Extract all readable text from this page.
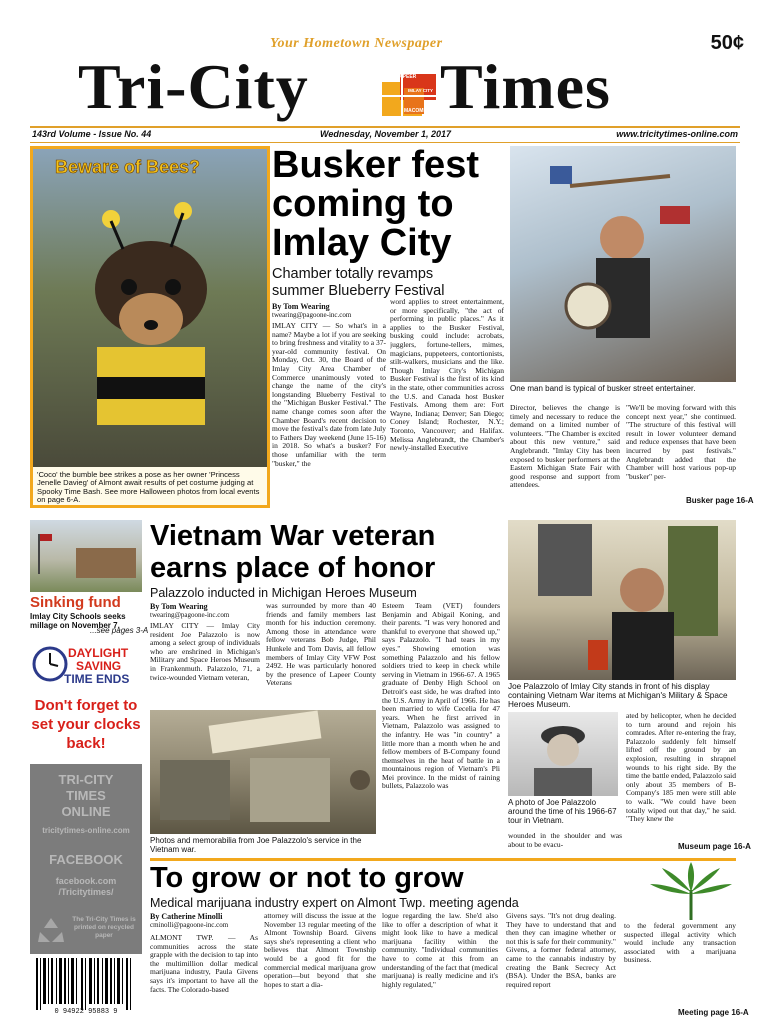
Your Hometown Newspaper	50¢
Tri-City	LAPEER
IMLAY CITY
MACOMB Times
143rd Volume - Issue No. 44	Wednesday, November 1, 2017	www.tricitytimes-online.com
Beware of Bees?
'Coco' the bumble bee strikes a pose as her owner 'Princess Jenelle Davieg' of Almont await results of pet costume judging at Spooky Time Bash. See more Halloween photos from local events on page 6-A.
Busker fest
coming to
Imlay City
Chamber totally revamps
summer Blueberry Festival
By Tom Wearing
twearing@pagoone-inc.com
IMLAY CITY — So what's in a name? Maybe a lot if you are seeking to bring freshness and vitality to a 37-year-old community festival. On Monday, Oct. 30, the Board of the Imlay City Area Chamber of Commerce unanimously voted to change the name of the city's longstanding Blueberry Festival to the "Michigan Busker Festival." The name change comes soon after the Chamber Board's recent decision to move the festival's date from late July to Fathers Day weekend (June 15-16) in 2018. So what's a busker? For those unfamiliar with the term "busker," the
word applies to street entertainment, or more specifically, "the act of performing in public places." As it applies to the Busker Festival, busking could include: acrobats, jugglers, fortune-tellers, mimes, magicians, puppeteers, contortionists, stilt-walkers, musicians and the like. Though Imlay City's Michigan Busker Festival is the first of its kind in the state, other communities across the U.S. and Canada host Busker Festivals. Among them are: Fort Wayne, Indiana; Denver; San Diego; Coney Island; Rochester, N.Y.; Toronto, Vancouver; and Halifax. Melissa Anglebrandt, the Chamber's newly-installed Executive
One man band is typical of busker street entertainer.
Director, believes the change is timely and necessary to reduce the demand on a limited number of volunteers. "The Chamber is excited about this new venture," said Anglebrandt. "Imlay City has been exposed to busker performers at the Eastern Michigan State Fair with good response and support from attendees.
"We'll be moving forward with this concept next year," she continued. "The structure of this festival will result in lower volunteer demand and reduce expenses that have been incurred by past festivals." Anglebrandt added that the Chamber will host various pop-up "busker" per-
Busker page 16-A
Sinking fund
Imlay City Schools seeks millage on November 7,
...see pages 3-A
DAYLIGHT
SAVING
TIME ENDS
Don't forget to set your clocks back!
TRI-CITY
TIMES
ONLINE
tricitytimes-online.com
FACEBOOK
facebook.com /Tricitytimes/
The Tri-City Times is printed on recycled paper
0 94922 95883 9
Vietnam War veteran
earns place of honor
Palazzolo inducted in Michigan Heroes Museum
By Tom Wearing
twearing@pagoone-inc.com
IMLAY CITY — Imlay City resident Joe Palazzolo is now among a select group of individuals who are enshrined in Michigan's Military and Space Heroes Museum in Frankenmuth. Palazzolo, 71, a twice-wounded Vietnam veteran,
was surrounded by more than 40 friends and family members last month for his induction ceremony. Among those in attendance were fellow veterans Bob Judge, Phil Hunkele and Tom Davis, all fellow members of Imlay City VFW Post 2492. He was particularly honored by the presence of Lapeer County Veterans
Esteem Team (VET) founders Benjamin and Abigail Koning, and their parents. "I was very honored and thankful to everyone that showed up," says Palazzolo. "I had tears in my eyes." Showing emotion was something Palazzolo and his fellow soldiers tried to keep in check while serving in Vietnam in 1966-67. A 1965 graduate of Denby High School on Detroit's east side, he was drafted into the U.S. Army in April of 1966. He has been married to wife Cecelia for 47 years. When he first arrived in Vietnam, Palazzolo was assigned to the infantry. He was "in country" a little more than a month when he and fellow members of B-Company found themselves in the heat of battle in a mountainous region of Vietnam's Pli Mei province. In the midst of raining bullets, Palazzolo was
Photos and memorabilia from Joe Palazzolo's service in the Vietnam war.
Joe Palazzolo of Imlay City stands in front of his display containing Vietnam War items at Michigan's Military & Space Heroes Museum.
A photo of Joe Palazzolo around the time of his 1966-67 tour in Vietnam.
wounded in the shoulder and was about to be evacu-
ated by helicopter, when he decided to turn around and rejoin his comrades. After re-entering the fray, Palazzolo suddenly felt himself lifted off the ground by an explosion, resulting in shrapnel wounds to his right side. By the time the battle ended, Palazzolo said only about 35 members of B-Company's 185 men were still able to walk. "We could have been totally wiped out that day," he said. "They knew the
Museum page 16-A
To grow or not to grow
Medical marijuana industry expert on Almont Twp. meeting agenda
By Catherine Minolli
cminolli@pagoone-inc.com
ALMONT TWP. — As communities across the state grapple with the decision to tap into the multimillion dollar medical marijuana industry, Paula Givens says it's important to have all the facts. The Colorado-based
attorney will discuss the issue at the November 13 regular meeting of the Almont Township Board. Givens says she's representing a client who believes that Almont Township would be a good fit for the commercial medical marijuana grow operation—but beyond that she hopes to start a dia-
logue regarding the law. She'd also like to offer a description of what it might look like to have a medical marijuana facility within the community. "Individual communities have to come at this from an understanding of the fact that (medical marijuana) is really medicine and it's highly regulated,"
Givens says. "It's not drug dealing. They have to understand that and then they can imagine whether or not this is safe for their community." Givens, a former federal attorney, came to the cannabis industry by creating the Bank Secrecy Act (BSA). Under the BSA, banks are required report
to the federal government any suspected illegal activity which would include any transaction associated with a marijuana business.
Meeting page 16-A
